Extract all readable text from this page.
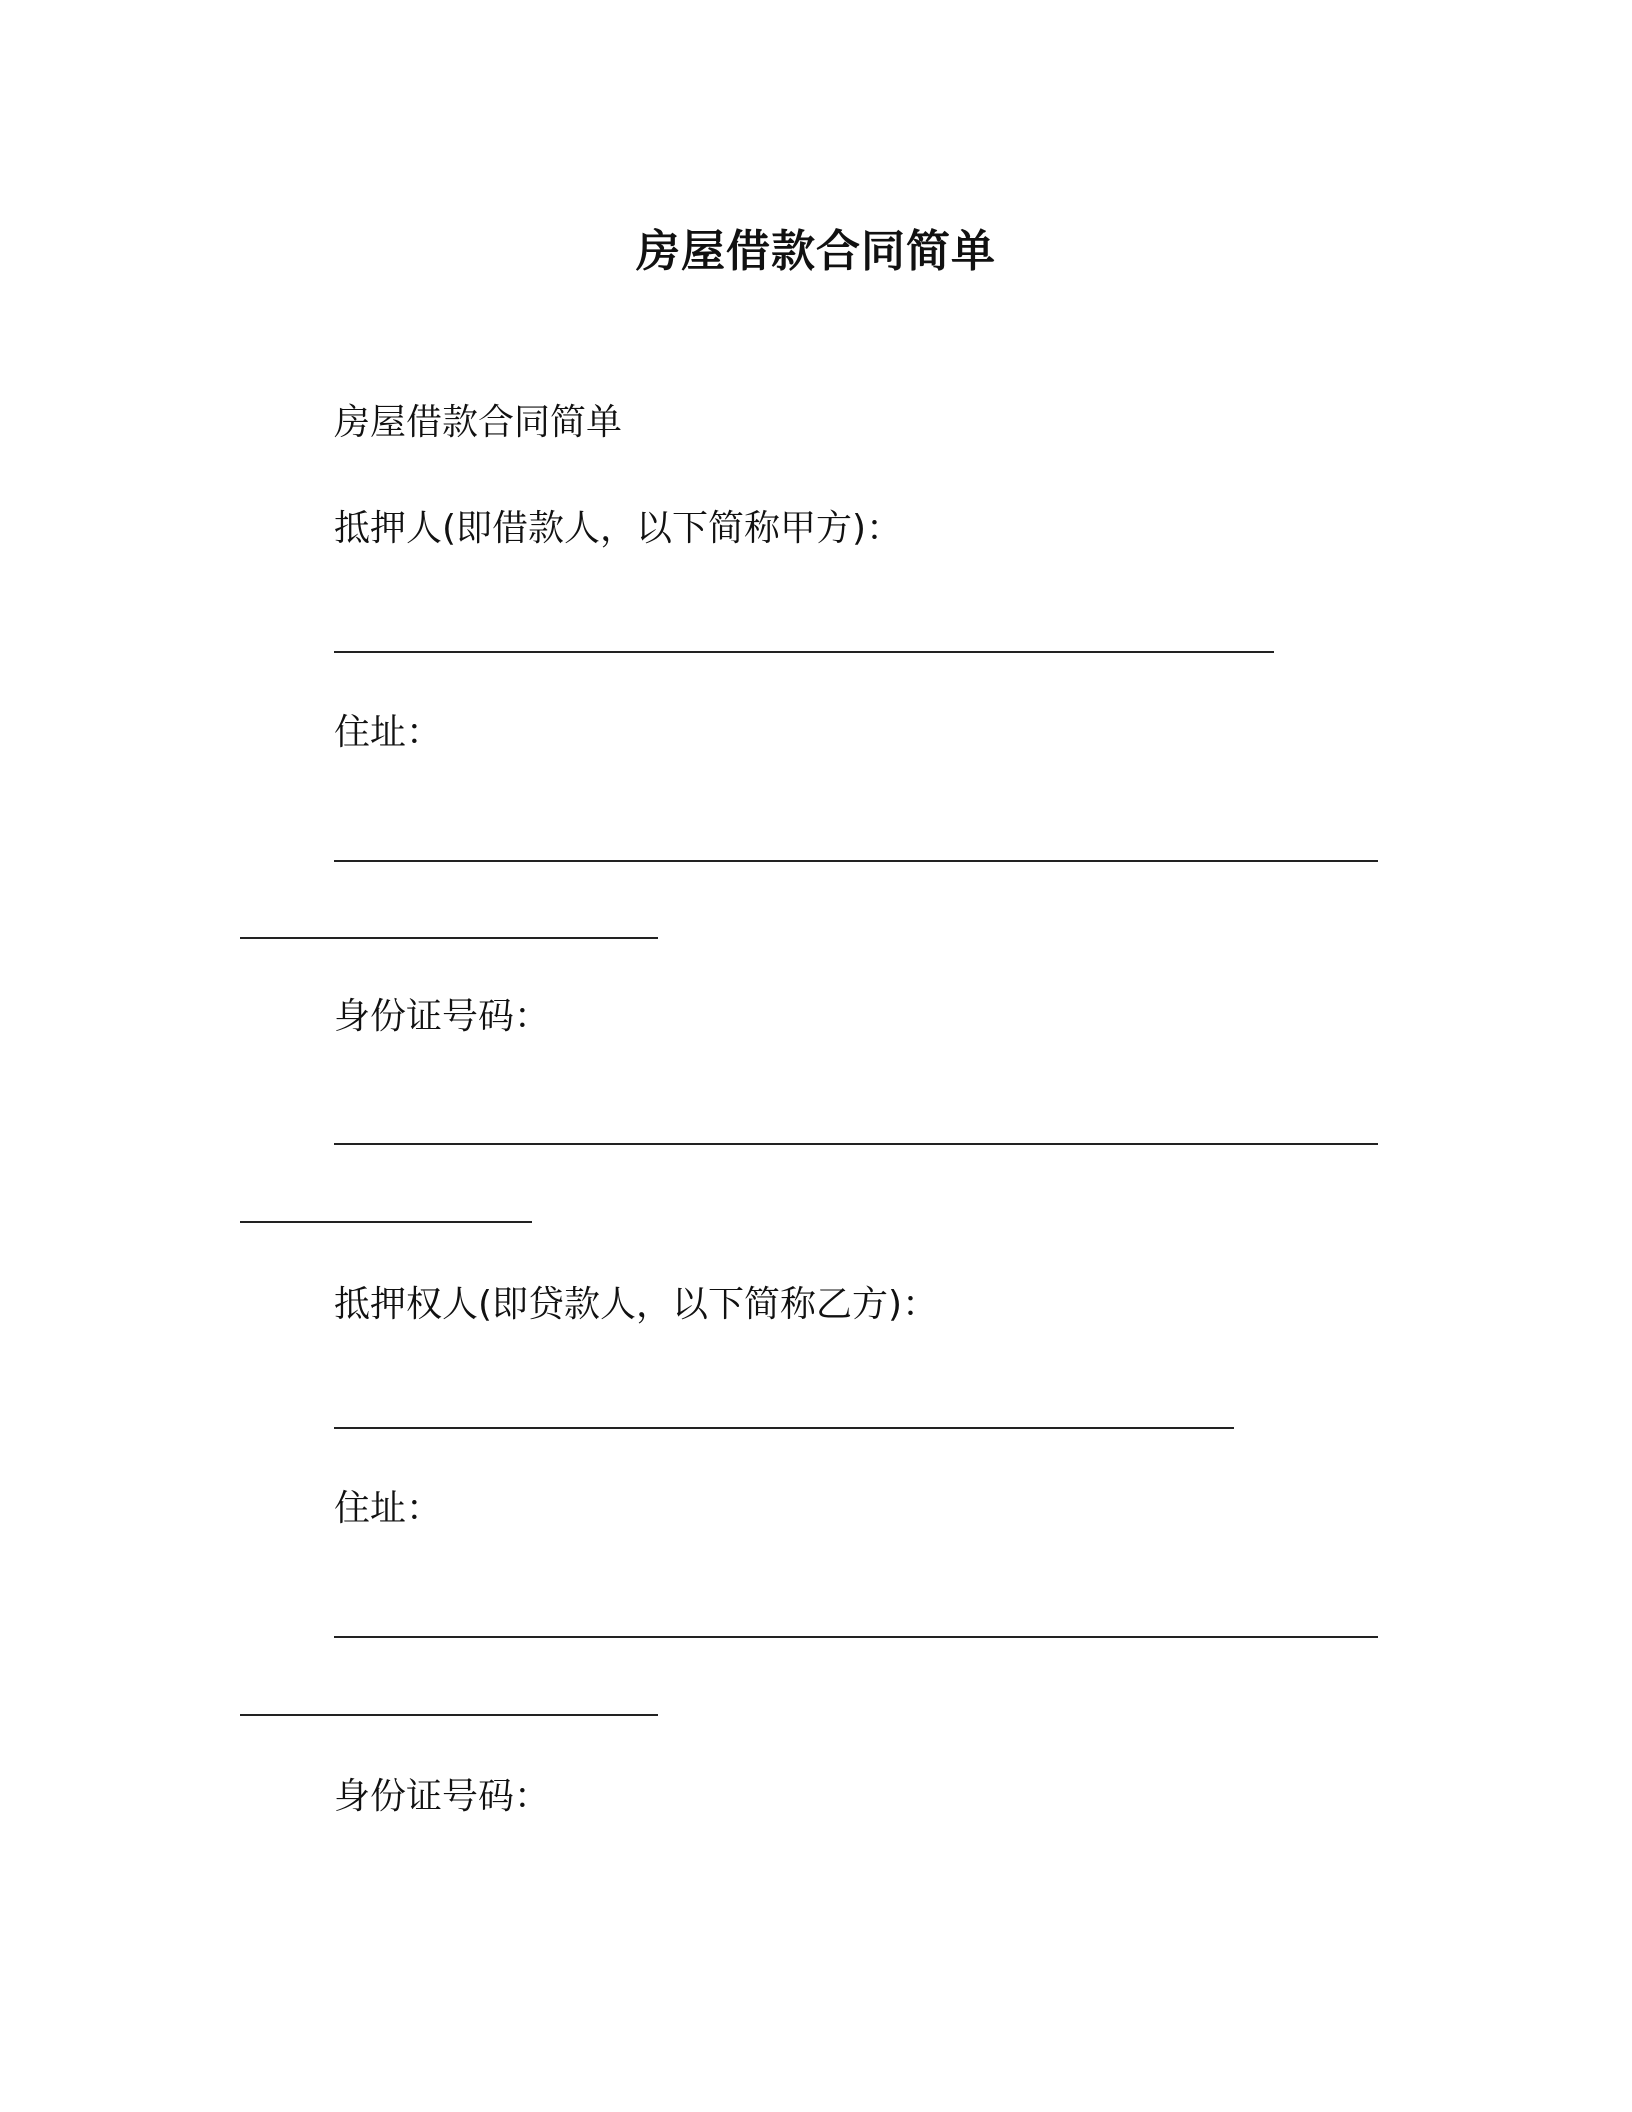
房屋借款合同简单
房屋借款合同简单
抵押人(即借款人，以下简称甲方)：
住址：
身份证号码：
抵押权人(即贷款人，以下简称乙方)：
住址：
身份证号码：
